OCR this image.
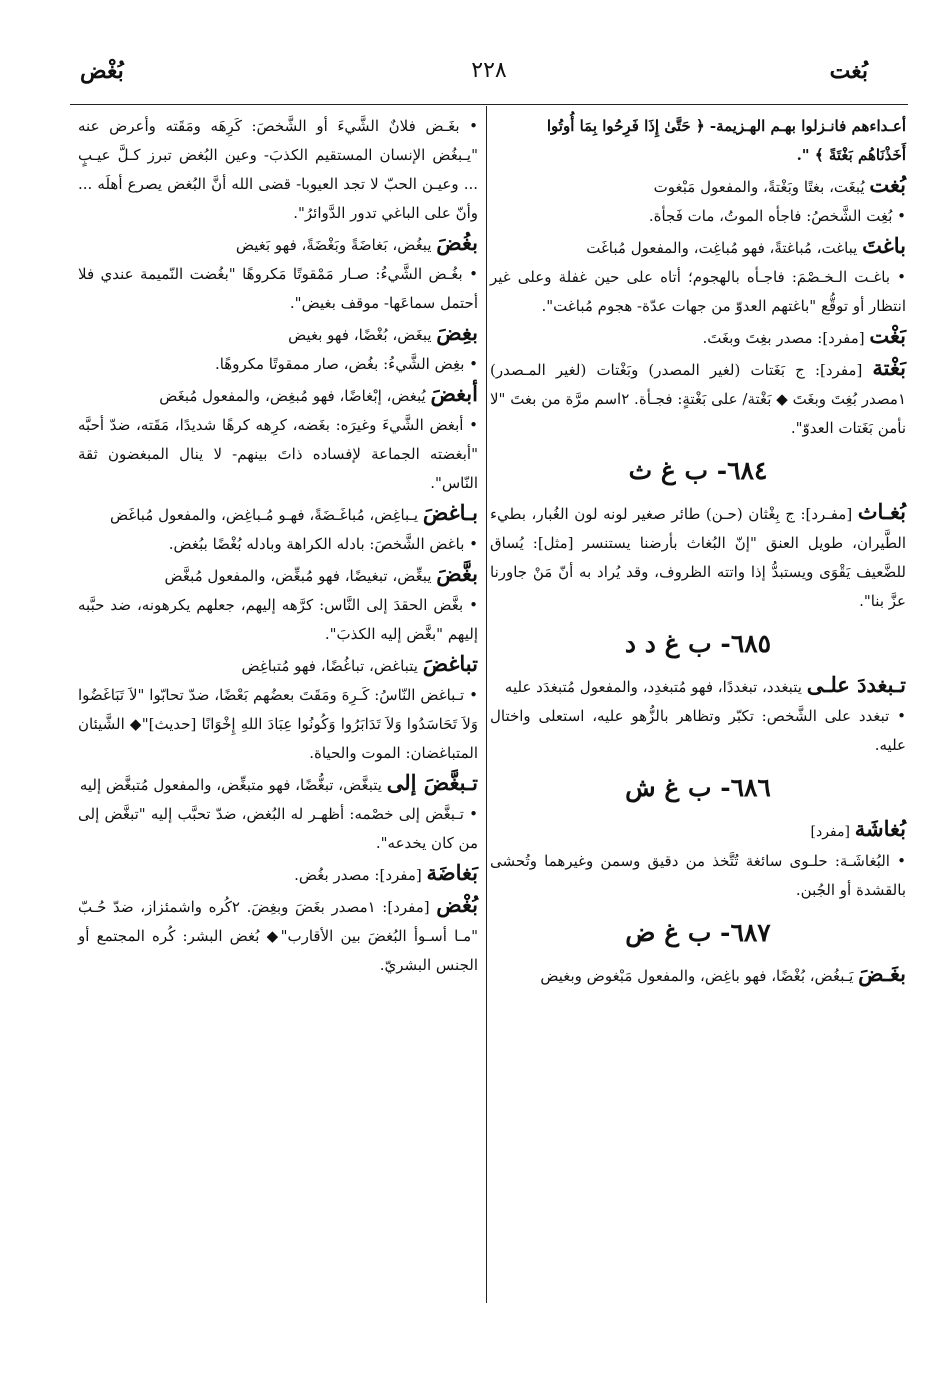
بُغت
٢٢٨
بُغْض

أعـداءهم فانـزلوا بهـم الهـزيمة- ﴿ حَتَّىٰ إِذَا فَرِحُوا بِمَا أُوتُوا

أَخَذْنَاهُم بَغْتَةً ﴾ ".

بُغت يُبغَت، بغتًا وبَغْتةً، والمفعول مَبْغوت

• بُغِت الشَّخصُ: فاجأه الموتُ، مات فَجأة.

باغتَ يباغت، مُباغتةً، فهو مُباغِت، والمفعول مُباغَت

• باغـت الـخـصْمَ: فاجـأه بالهجوم؛ أتاه على حين غفلة وعلى غير انتظار أو توقُّع "باغتهم العدوّ من جهات عدّة- هجوم مُباغت".

بَغْت [مفرد]: مصدر بغِتَ وبغَتَ.

بَغْتة [مفرد]: ج بَغَتات (لغير المصدر) وبَغْتات (لغير المـصدر) ١مصدر بُغِتَ وبغَتَ ◆ بَغْتة/ على بَغْتةٍ: فجـأة. ٢اسم مرَّة من بغتَ "لا نأمن بَغَتات العدوّ".

٦٨٤- ب غ ث

بُغـاث [مفـرد]: ج بِغْثان (حـن) طائر صغير لونه لون الغُبار، بطيء الطَّيران، طويل العنق "إنّ البُغاث بأرضنا يستنسر [مثل]: يُساق للضَّعيف يَقْوَى ويستبدُّ إذا واتته الظروف، وقد يُراد به أنّ مَنْ جاورنا عزَّ بنا".

٦٨٥- ب غ د د

تـبغددَ علـى يتبغدد، تبغددًا، فهو مُتبغدِد، والمفعول مُتبغدَد عليه

• تبغدد على الشَّخص: تكبّر وتظاهر بالزُّهو عليه، استعلى واختال عليه.

٦٨٦- ب غ ش

بُغاشَة [مفرد]

• البُغاشَـة: حلـوى سائغة تُتَّخذ من دقيق وسمن وغيرهما وتُحشى بالقشدة أو الجُبن.

٦٨٧- ب غ ض

بغَـضَ يَـبغُض، بُغْضًا، فهو باغِض، والمفعول مَبْغوض وبغيض

• بغَـض فلانٌ الشَّيءَ أو الشَّخصَ: كَرِهَه ومَقَته وأعرض عنه "يـبغُض الإنسان المستقيم الكذبَ- وعين البُغض تبرز كـلَّ عيـبٍ ... وعيـن الحبّ لا تجد العيوبا- قضى الله أنَّ البُغض يصرع أهلَه ... وأنّ على الباغي تدور الدَّوائرُ".

بغُضَ يبغُض، بَغاضَةً وبَغْضَةً، فهو بَغيض

• بغُـض الشَّيءُ: صـار مَمْقوتًا مَكروهًا "بغُضت النّميمة عندي فلا أحتمل سماعَها- موقف بغيض".

بغِضَ يبغَض، بُغْضًا، فهو بغيض

• بغِض الشَّيءُ: بغُض، صار ممقوتًا مكروهًا.

أبغضَ يُبغض، إبْغاضًا، فهو مُبغِض، والمفعول مُبغَض

• أبغض الشَّيءَ وغيرَه: بغَضه، كرِهه كرهًا شديدًا، مَقَته، ضدّ أحبَّه "أبغضته الجماعة لإفساده ذاتَ بينهم- لا ينال المبغضون ثقة النّاس".

بـاغضَ يـباغِض، مُباغَـضَةً، فهـو مُـباغِض، والمفعول مُباغَض

• باغض الشَّخصَ: بادله الكراهة وبادله بُغْضًا ببُغض.

بغَّضَ يبغِّض، تبغيضًا، فهو مُبغِّض، والمفعول مُبغَّض

• بغَّض الحقدَ إلى النَّاس: كرَّهه إليهم، جعلهم يكرهونه، ضد حبَّبه إليهم "بغَّض إليه الكذبَ".

تباغضَ يتباغض، تباغُضًا، فهو مُتباغِض

• تـباغض النّاسُ: كَـرِهَ ومَقَتَ بعضُهم بَعْضًا، ضدّ تحابّوا "لاَ تَبَاغَضُوا وَلاَ تَحَاسَدُوا وَلاَ تَدَابَرُوا وَكُونُوا عِبَادَ اللهِ إِخْوَانًا [حديث]"◆ الشَّيئان المتباغضان: الموت والحياة.

تـبغَّضَ إلى يتبغَّض، تبغُّضًا، فهو متبغِّض، والمفعول مُتبغَّض إليه

• تـبغَّض إلى خصْمه: أظهـر له البُغض، ضدّ تحبَّب إليه "تبغَّض إلى من كان يخدعه".

بَغاضَة [مفرد]: مصدر بغُض.

بُغْض [مفرد]: ١مصدر بغَضَ وبغِضَ. ٢كُره واشمئزاز، ضدّ حُـبّ "مـا أسـوأ البُغضَ بين الأقارب"◆ بُغض البشر: كُره المجتمع أو الجنس البشريّ.
